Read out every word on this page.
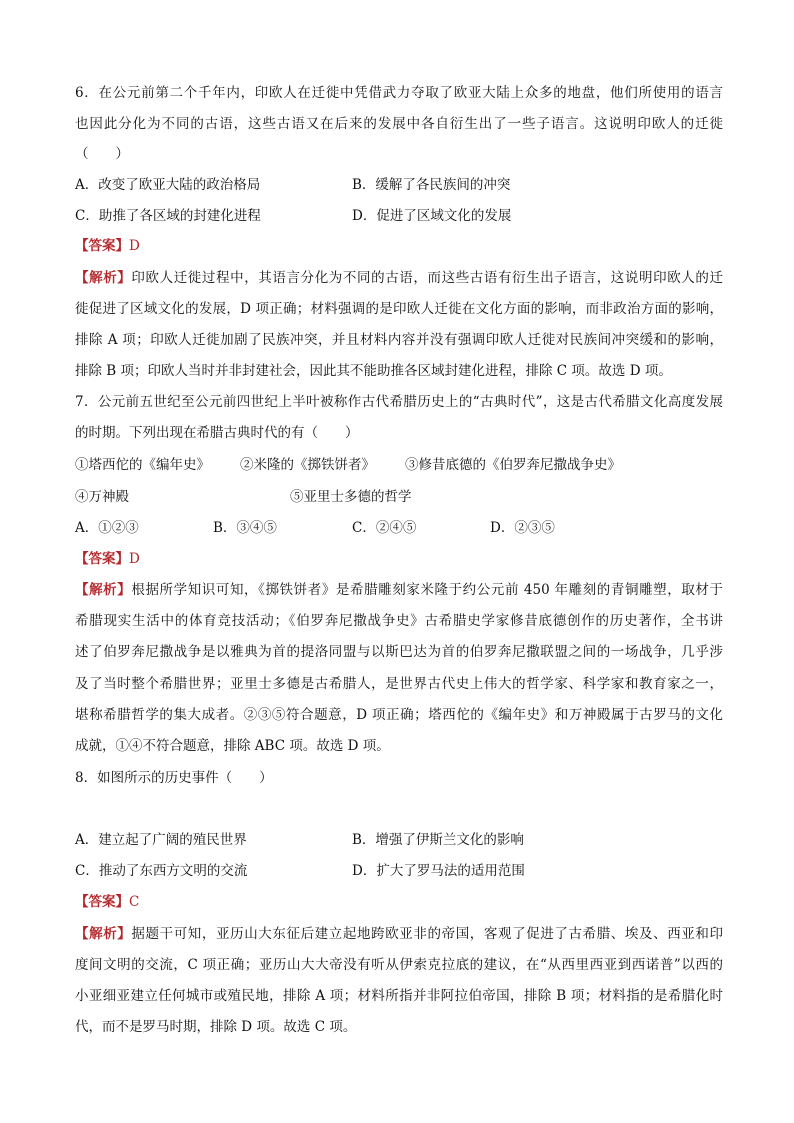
6．在公元前第二个千年内，印欧人在迁徙中凭借武力夺取了欧亚大陆上众多的地盘，他们所使用的语言
也因此分化为不同的古语，这些古语又在后来的发展中各自衍生出了一些子语言。这说明印欧人的迁徙
（　　）
A．改变了欧亚大陆的政治格局	B．缓解了各民族间的冲突
C．助推了各区域的封建化进程	D．促进了区域文化的发展
【答案】D
【解析】印欧人迁徙过程中，其语言分化为不同的古语，而这些古语有衍生出子语言，这说明印欧人的迁
徙促进了区域文化的发展，D 项正确；材料强调的是印欧人迁徙在文化方面的影响，而非政治方面的影响，
排除 A 项；印欧人迁徙加剧了民族冲突，并且材料内容并没有强调印欧人迁徙对民族间冲突缓和的影响，
排除 B 项；印欧人当时并非封建社会，因此其不能助推各区域封建化进程，排除 C 项。故选 D 项。
7．公元前五世纪至公元前四世纪上半叶被称作古代希腊历史上的“古典时代”，这是古代希腊文化高度发展
的时期。下列出现在希腊古典时代的有（　　）
①塔西佗的《编年史》 ②米隆的《掷铁饼者》 ③修昔底德的《伯罗奔尼撒战争史》
④万神殿	⑤亚里士多德的哲学
A．①②③	B．③④⑤	C．②④⑤	D．②③⑤
【答案】D
【解析】根据所学知识可知，《掷铁饼者》是希腊雕刻家米隆于约公元前 450 年雕刻的青铜雕塑，取材于
希腊现实生活中的体育竞技活动；《伯罗奔尼撒战争史》古希腊史学家修昔底德创作的历史著作，全书讲
述了伯罗奔尼撒战争是以雅典为首的提洛同盟与以斯巴达为首的伯罗奔尼撒联盟之间的一场战争，几乎涉
及了当时整个希腊世界；亚里士多德是古希腊人，是世界古代史上伟大的哲学家、科学家和教育家之一，
堪称希腊哲学的集大成者。②③⑤符合题意，D 项正确；塔西佗的《编年史》和万神殿属于古罗马的文化
成就，①④不符合题意，排除 ABC 项。故选 D 项。
8．如图所示的历史事件（　　）
A．建立起了广阔的殖民世界	B．增强了伊斯兰文化的影响
C．推动了东西方文明的交流	D．扩大了罗马法的适用范围
【答案】C
【解析】据题干可知，亚历山大东征后建立起地跨欧亚非的帝国，客观了促进了古希腊、埃及、西亚和印
度间文明的交流，C 项正确；亚历山大大帝没有听从伊索克拉底的建议，在“从西里西亚到西诺普”以西的
小亚细亚建立任何城市或殖民地，排除 A 项；材料所指并非阿拉伯帝国，排除 B 项；材料指的是希腊化时
代，而不是罗马时期，排除 D 项。故选 C 项。
